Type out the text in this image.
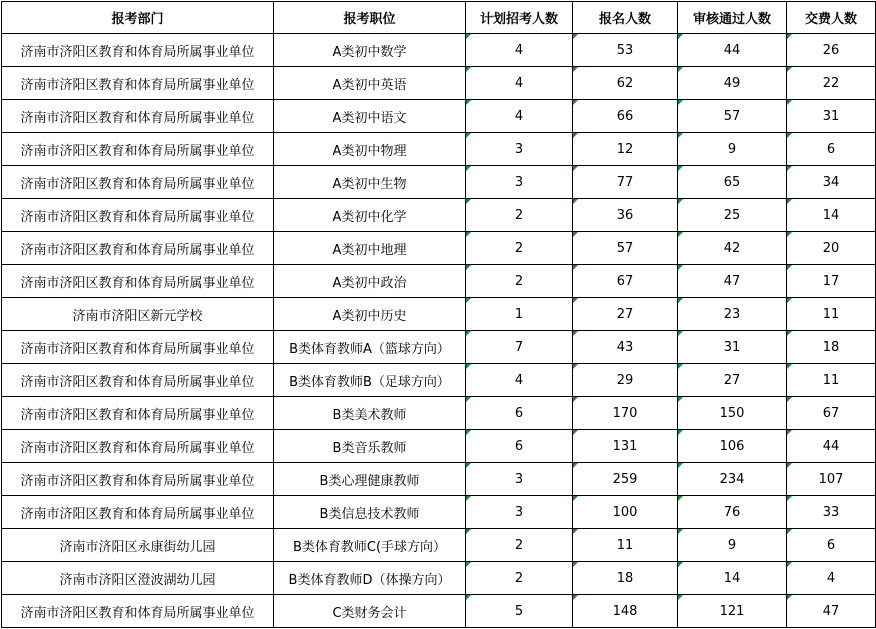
报考部门	报考职位	计划招考人数	报名人数	审核通过人数	交费人数
济南市济阳区教育和体育局所属事业单位	A类初中数学	4	53	44	26
济南市济阳区教育和体育局所属事业单位	A类初中英语	4	62	49	22
济南市济阳区教育和体育局所属事业单位	A类初中语文	4	66	57	31
济南市济阳区教育和体育局所属事业单位	A类初中物理	3	12	9	6
济南市济阳区教育和体育局所属事业单位	A类初中生物	3	77	65	34
济南市济阳区教育和体育局所属事业单位	A类初中化学	2	36	25	14
济南市济阳区教育和体育局所属事业单位	A类初中地理	2	57	42	20
济南市济阳区教育和体育局所属事业单位	A类初中政治	2	67	47	17
济南市济阳区新元学校	A类初中历史	1	27	23	11
济南市济阳区教育和体育局所属事业单位	B类体育教师A（篮球方向）	7	43	31	18
济南市济阳区教育和体育局所属事业单位	B类体育教师B（足球方向）	4	29	27	11
济南市济阳区教育和体育局所属事业单位	B类美术教师	6	170	150	67
济南市济阳区教育和体育局所属事业单位	B类音乐教师	6	131	106	44
济南市济阳区教育和体育局所属事业单位	B类心理健康教师	3	259	234	107
济南市济阳区教育和体育局所属事业单位	B类信息技术教师	3	100	76	33
济南市济阳区永康街幼儿园	B类体育教师C(手球方向）	2	11	9	6
济南市济阳区澄波湖幼儿园	B类体育教师D（体操方向）	2	18	14	4
济南市济阳区教育和体育局所属事业单位	C类财务会计	5	148	121	47
